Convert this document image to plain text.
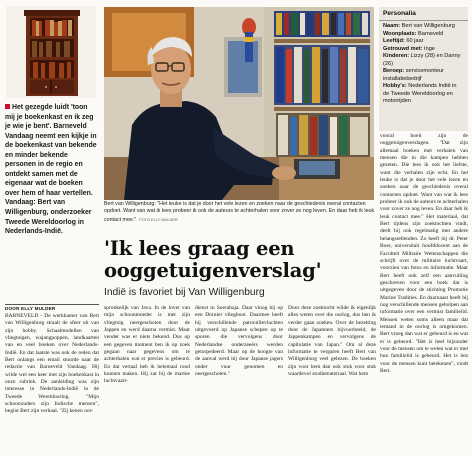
Het gezegde luidt 'toon mij je boekenkast en ik zeg je wie je bent'. Barneveld Vandaag neemt een kijkje in de boekenkast van bekende en minder bekende personen in de regio en ontdekt samen met de eigenaar wat de boeken over hem of haar vertellen. Vandaag: Bert van Willigenburg, onderzoeker Tweede Wereldoorlog in Nederlands-Indië.
DOOR ELLY MULDER
Bert van Willigenburg: "Het leuke is dat je door het vele lezen en zoeken naar de geschiedenis overal contacten opdoet. Want van wat ik lees probeer ik ook de auteurs te achterhalen voor zover ze nog leven. En daar heb ik leuk contact mee." FOTO ELLY MULDER
Personalia
Naam: Bert van Willigenburg
Woonplaats: Barneveld
Leeftijd: 60 jaar
Getrouwd met: Inge
Kinderen: Lizzy (28) en Danny (26)
Beroep: servicemonteur installatiebedrijf
Hobby's: Nederlands Indië in de Tweede Wereldoorlog en motorrijden
vooral boeit zijn de ooggetuigenverslagen. "Dat zijn allemaal boeken met verhalen van mensen die in die kampen hebben gezeten. Die lees ik ook het liefste, want die verhalen zijn echt. En het leuke is dat je door het vele lezen en zoeken naar de geschiedenis overal contacten opdoet. Want van wat ik lees probeer ik ook de auteurs te achterhalen voor zover ze nog leven. En daar heb ik leuk contact mee." Het materiaal, dat Bert tijdens zijn zoektochten vindt, deelt hij ook regelmatig met andere belangstellenden. Zo heeft hij dr. Peter Boer, universitair hoofddocent aan de Faculteit Militaire Wetenschappen die schrijft over de militaire luchtvaart, voorzien van fotos en informatie. Maar Bert heeft ook zelf een aanvulling geschreven voor een boek dat is uitgegeven door de stichting Promotie Marine Tradities. En daarnaast heeft hij nog verschillende mensen geholpen aan informatie over een vermist familielid. Mensen weten soms alleen maar dat iemand in de oorlog is omgekomen. Bert vroeg dan wat er gebeurd is en wat er is gebeurd. "Het is heel bijzonder voor de mensen om te weten wat er met hun familielid is gebeurd. Het is iets voor de mensen kunt betekenen", vindt Bert.
'Ik lees graag een ooggetuigenverslag'
Indië is favoriet bij Van Willigenburg
BARNEVELD - De werkkamer van Bert van Willigenburg straalt de sfeer uit van zijn hobby. Schaalmodellen van vliegtuigen, wajangpoppen, landkaarten van en veel boeken over Nederlands-Indië. En dat laatste was ook de reden dat Bert onlangs een email stuurde naar de redactie van Barneveld Vandaag. Hij wilde wel een keer met zijn boekenkast in onze rubriek. De aanleiding was zijn interesse in Nederlands-Indië in de Tweede Wereldoorlog. "Mijn schoonouders zijn Indische mensen", begint Bert zijn verhaal. "Zij kenen oor-
spronkelijk van Java. In de lover van mijn schoonmoeder is met zijn vliegtuig neergeschoten door de Jappen en werd daarna vermist. Maar vender was er niets bekend. Dus op een gegeven moment ben ik op zoek gegaan naar gegevens om te achterhalen wat er precies is gebeurd. En dat vertaal heb ik helemaal rond kunnen maken. Hij zat bij de marine luchtvaart-
dienst in Soerabaja. Daar vloog hij op een Dornier vliegboot. Daarmee heeft hij verschillende patrouillevluchten uitgevoerd op Japanse schepen op te sporen die vervolgens door Nederlandse onderzeeërs werden getorpedeerd. Maar op de hoogte van de aanval werd hij door Japanse jagers onder vuur genomen en neergeschoten."
Door deze zoektocht wilde ik eigenlijk alles weten over die oorlog, dus ben ik verder gaan zoeken. Over de bezetting door de Japanners bijvoorbeeld, de Jappenkampen en vervolgens de capitulatie van Japan." Om al deze informatie te vergaren heeft Bert van Willigenburg veel gelezen. De boeken zijn voor hem dan ook stuk voor stuk waardevol studiemateriaal. Wat hem
